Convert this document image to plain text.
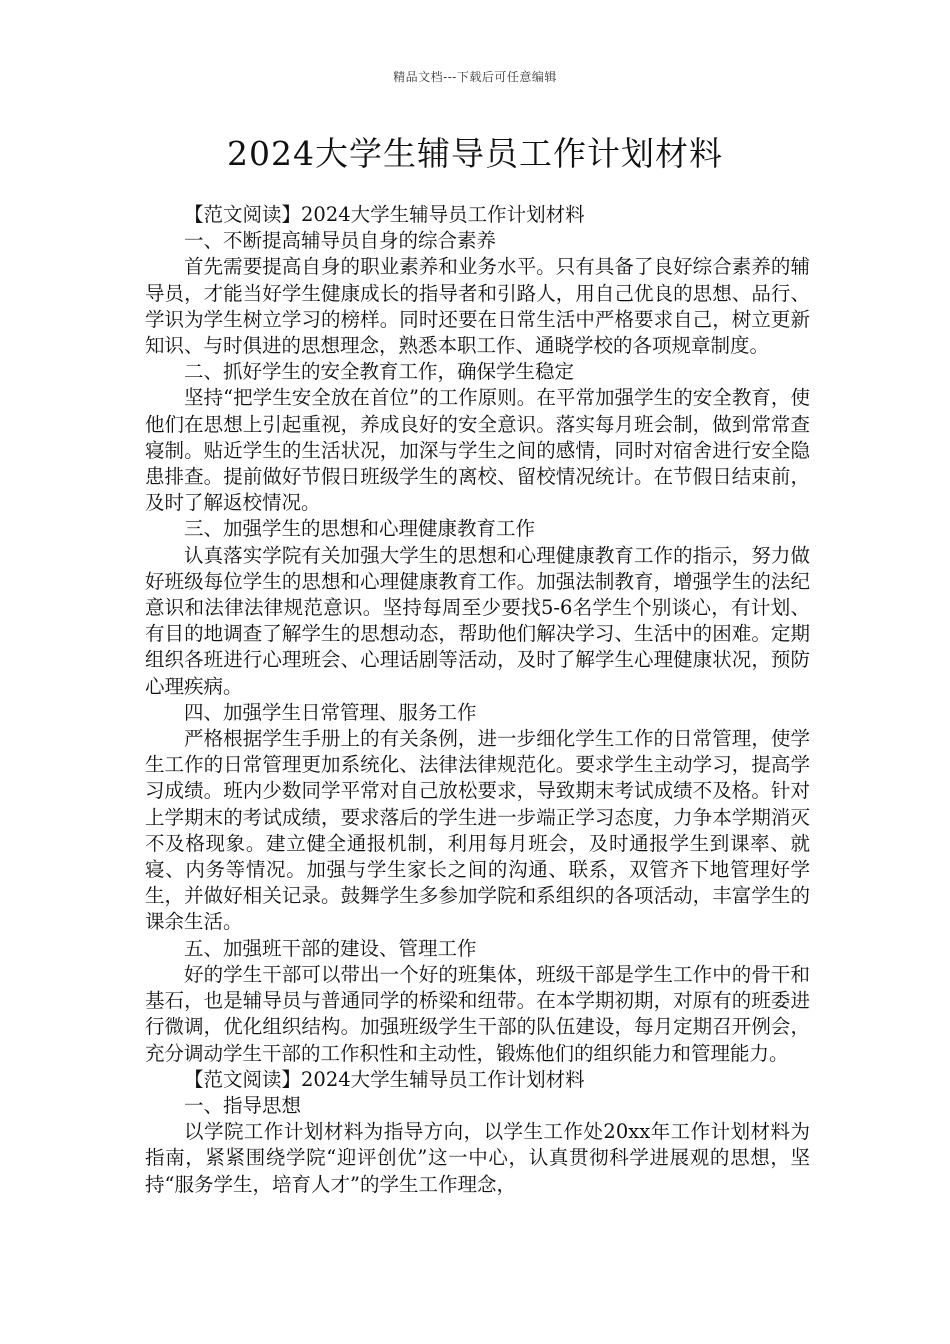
精品文档---下载后可任意编辑
2024大学生辅导员工作计划材料

【范文阅读】2024大学生辅导员工作计划材料

一、不断提高辅导员自身的综合素养

首先需要提高自身的职业素养和业务水平。只有具备了良好综合素养的辅导员，才能当好学生健康成长的指导者和引路人，用自己优良的思想、品行、学识为学生树立学习的榜样。同时还要在日常生活中严格要求自己，树立更新知识、与时俱进的思想理念，熟悉本职工作、通晓学校的各项规章制度。

二、抓好学生的安全教育工作，确保学生稳定

坚持“把学生安全放在首位”的工作原则。在平常加强学生的安全教育，使他们在思想上引起重视，养成良好的安全意识。落实每月班会制，做到常常查寝制。贴近学生的生活状况，加深与学生之间的感情，同时对宿舍进行安全隐患排查。提前做好节假日班级学生的离校、留校情况统计。在节假日结束前，及时了解返校情况。

三、加强学生的思想和心理健康教育工作

认真落实学院有关加强大学生的思想和心理健康教育工作的指示，努力做好班级每位学生的思想和心理健康教育工作。加强法制教育，增强学生的法纪意识和法律法律规范意识。坚持每周至少要找5-6名学生个别谈心，有计划、有目的地调查了解学生的思想动态，帮助他们解决学习、生活中的困难。定期组织各班进行心理班会、心理话剧等活动，及时了解学生心理健康状况，预防心理疾病。

四、加强学生日常管理、服务工作

严格根据学生手册上的有关条例，进一步细化学生工作的日常管理，使学生工作的日常管理更加系统化、法律法律规范化。要求学生主动学习，提高学习成绩。班内少数同学平常对自己放松要求，导致期末考试成绩不及格。针对上学期末的考试成绩，要求落后的学生进一步端正学习态度，力争本学期消灭不及格现象。建立健全通报机制，利用每月班会，及时通报学生到课率、就寝、内务等情况。加强与学生家长之间的沟通、联系，双管齐下地管理好学生，并做好相关记录。鼓舞学生多参加学院和系组织的各项活动，丰富学生的课余生活。

五、加强班干部的建设、管理工作

好的学生干部可以带出一个好的班集体，班级干部是学生工作中的骨干和基石，也是辅导员与普通同学的桥梁和纽带。在本学期初期，对原有的班委进行微调，优化组织结构。加强班级学生干部的队伍建设，每月定期召开例会，充分调动学生干部的工作积性和主动性，锻炼他们的组织能力和管理能力。

【范文阅读】2024大学生辅导员工作计划材料

一、指导思想

以学院工作计划材料为指导方向，以学生工作处20xx年工作计划材料为指南，紧紧围绕学院“迎评创优”这一中心，认真贯彻科学进展观的思想，坚持“服务学生，培育人才”的学生工作理念，
